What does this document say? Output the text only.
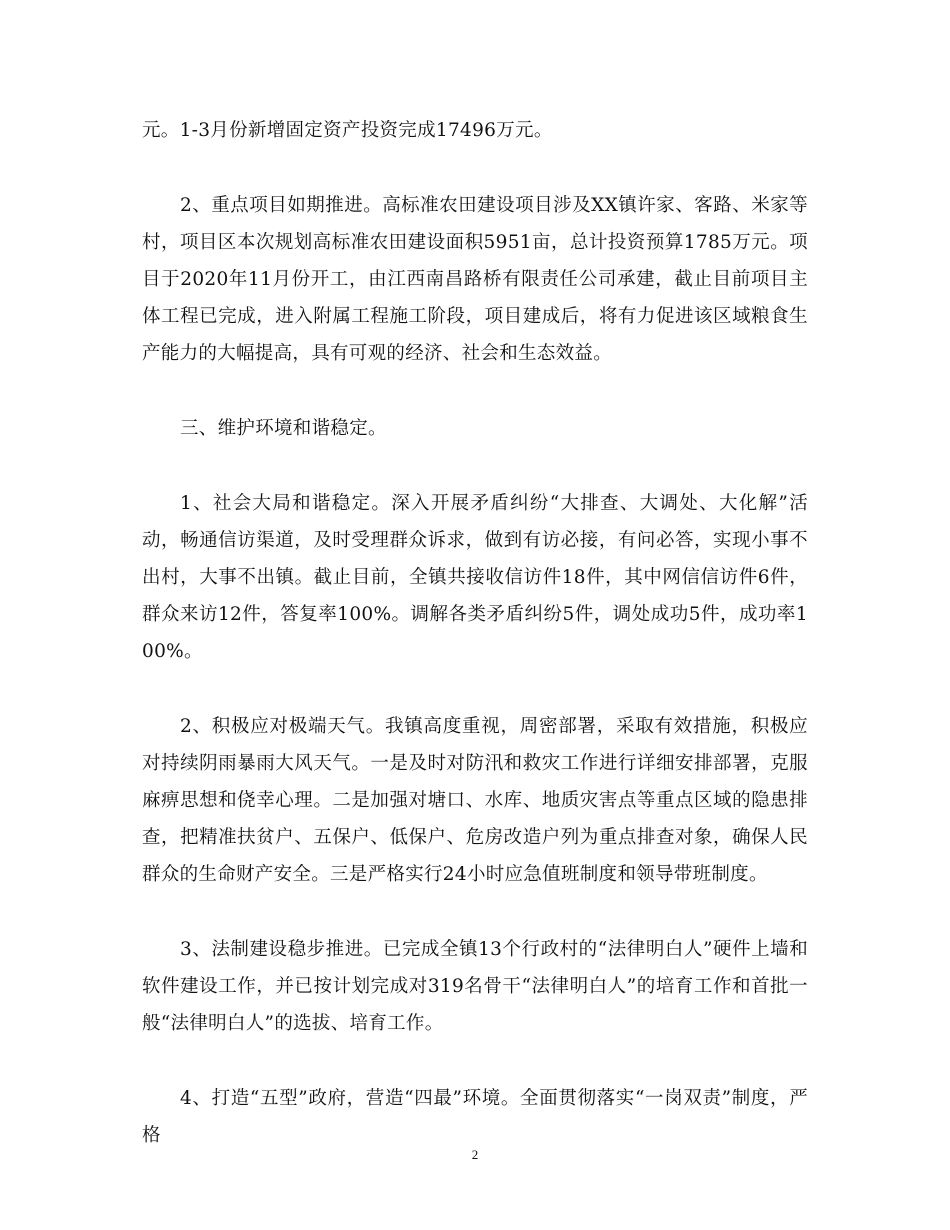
元。1-3月份新增固定资产投资完成17496万元。

2、重点项目如期推进。高标准农田建设项目涉及XX镇许家、客路、米家等村，项目区本次规划高标准农田建设面积5951亩，总计投资预算1785万元。项目于2020年11月份开工，由江西南昌路桥有限责任公司承建，截止目前项目主体工程已完成，进入附属工程施工阶段，项目建成后，将有力促进该区域粮食生产能力的大幅提高，具有可观的经济、社会和生态效益。

三、维护环境和谐稳定。

1、社会大局和谐稳定。深入开展矛盾纠纷“大排查、大调处、大化解”活动，畅通信访渠道，及时受理群众诉求，做到有访必接，有问必答，实现小事不出村，大事不出镇。截止目前，全镇共接收信访件18件，其中网信信访件6件，群众来访12件，答复率100%。调解各类矛盾纠纷5件，调处成功5件，成功率100%。

2、积极应对极端天气。我镇高度重视，周密部署，采取有效措施，积极应对持续阴雨暴雨大风天气。一是及时对防汛和救灾工作进行详细安排部署，克服麻痹思想和侥幸心理。二是加强对塘口、水库、地质灾害点等重点区域的隐患排查，把精准扶贫户、五保户、低保户、危房改造户列为重点排查对象，确保人民群众的生命财产安全。三是严格实行24小时应急值班制度和领导带班制度。

3、法制建设稳步推进。已完成全镇13个行政村的“法律明白人”硬件上墙和软件建设工作，并已按计划完成对319名骨干“法律明白人”的培育工作和首批一般“法律明白人”的选拔、培育工作。

4、打造“五型”政府，营造“四最”环境。全面贯彻落实“一岗双责”制度，严格

2
